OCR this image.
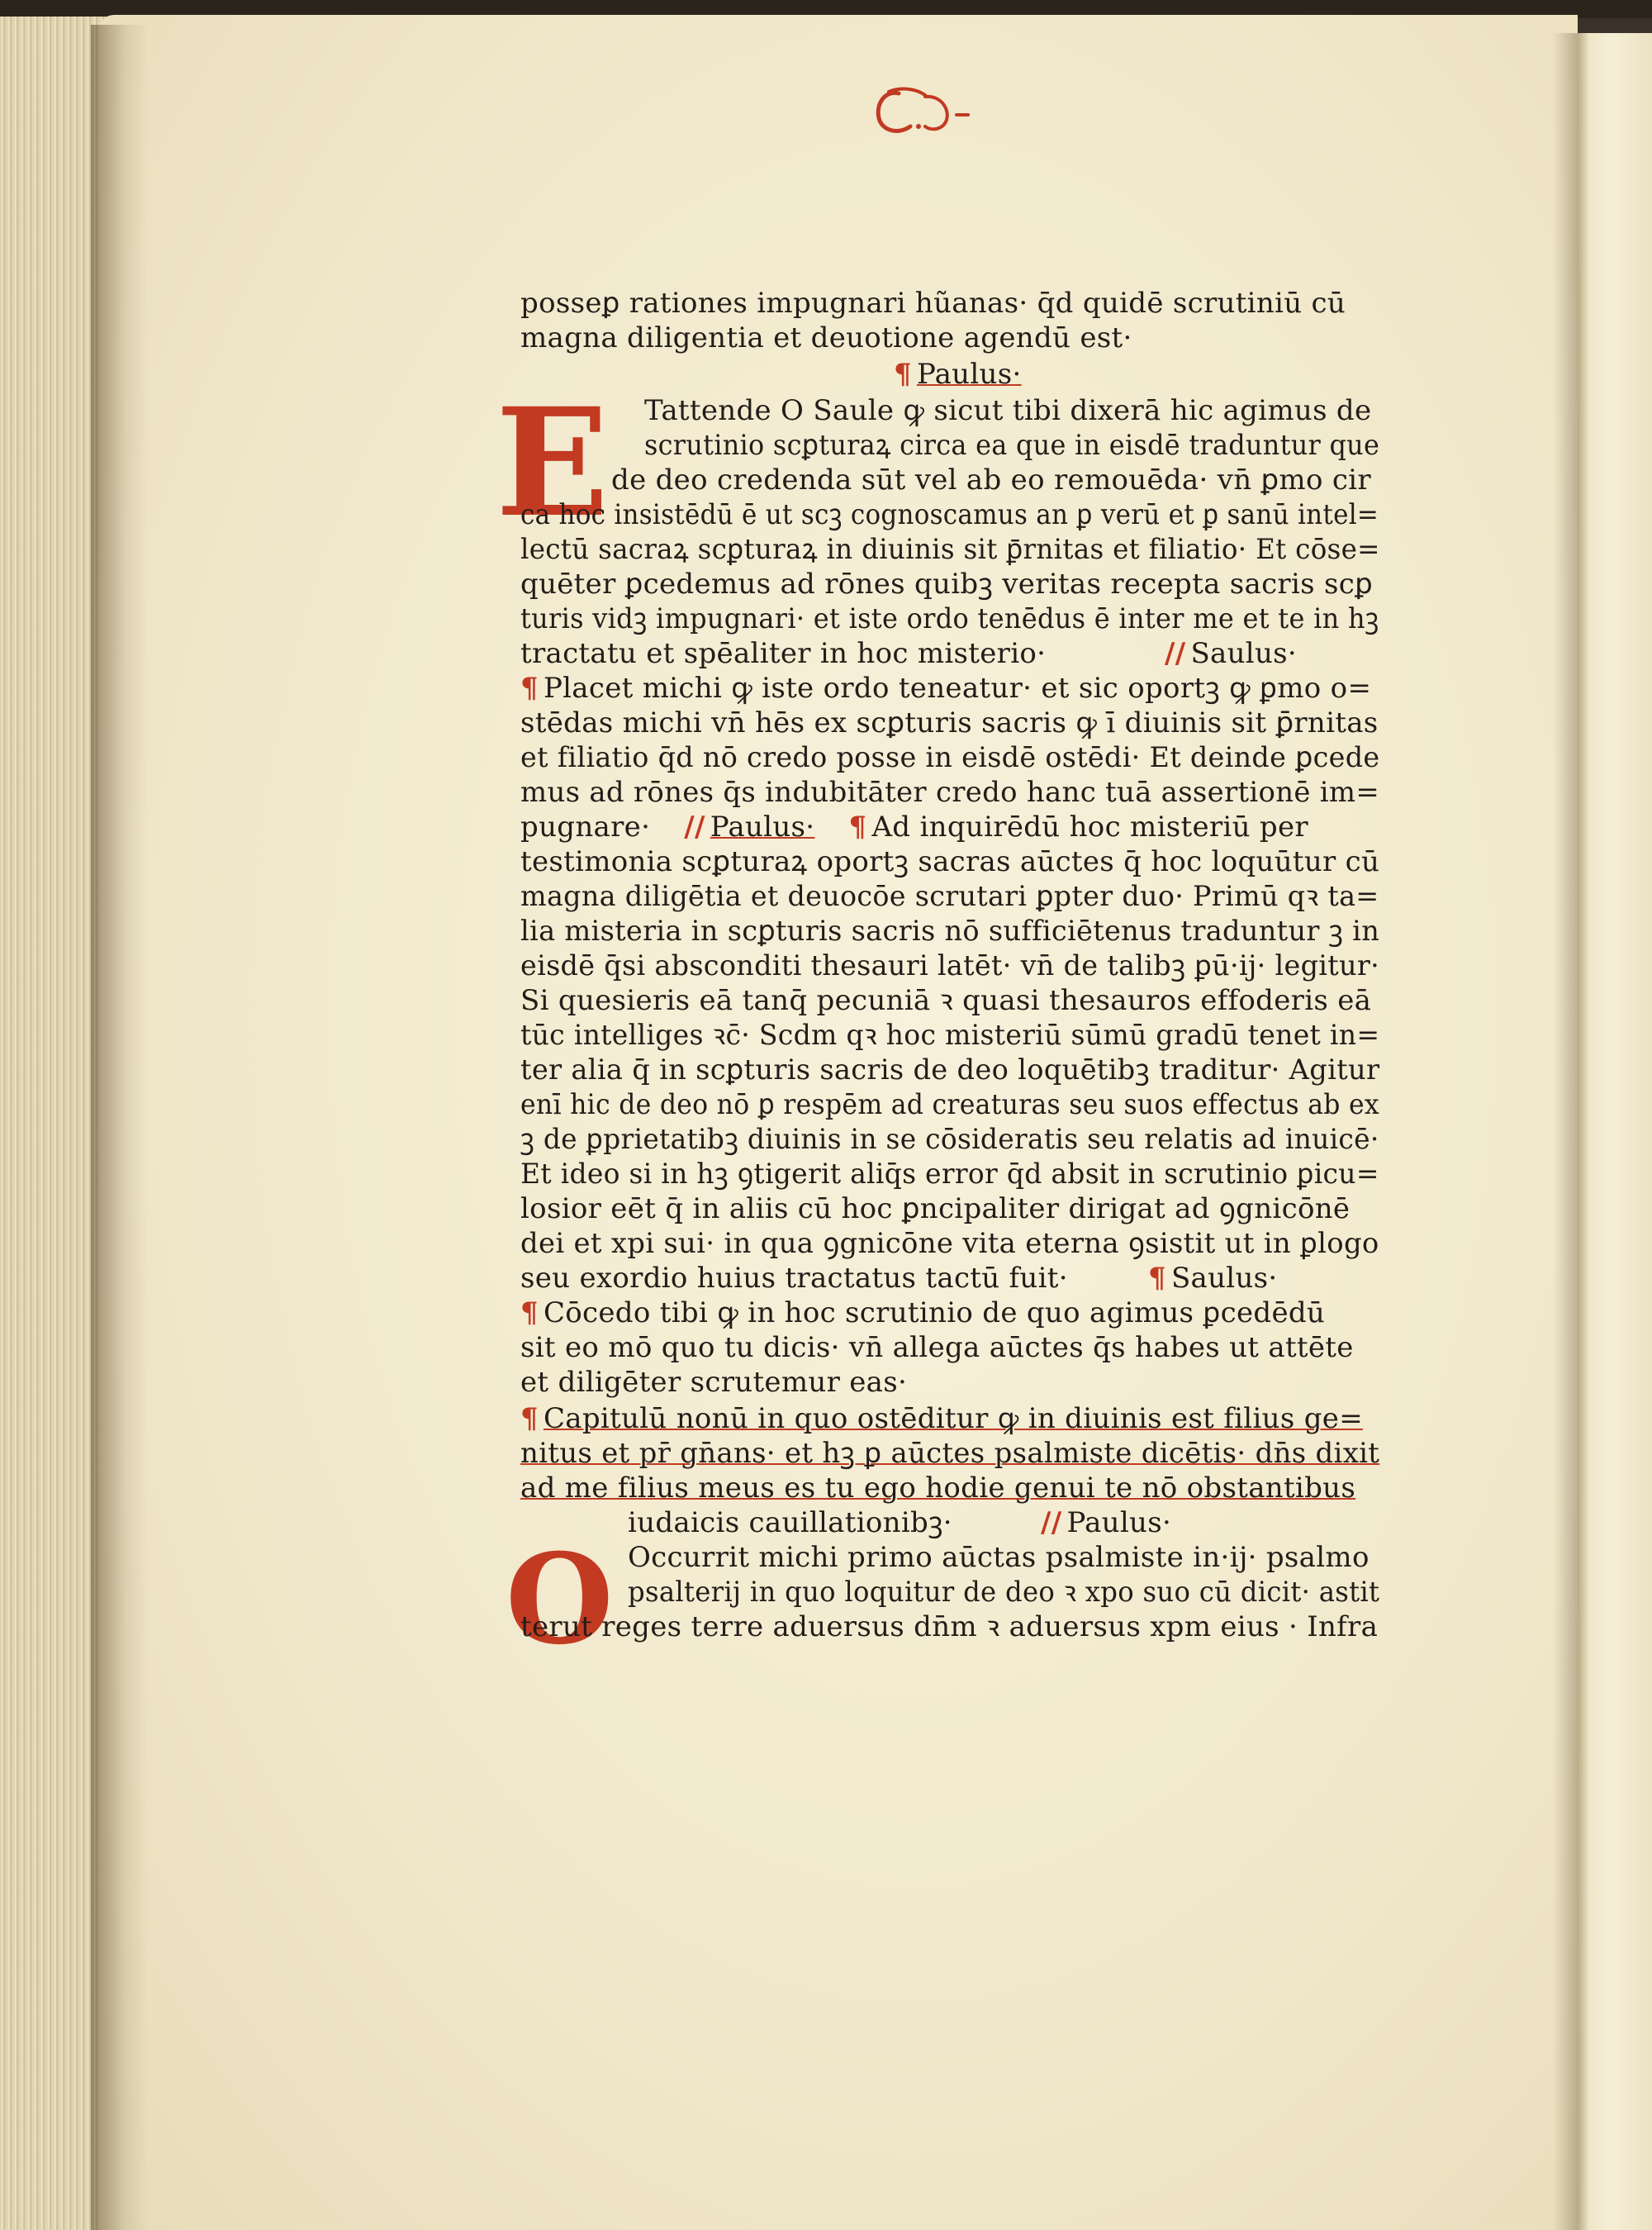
E
O
posseꝑ rationes impugnari hũanas· q̄d quidē scrutiniū cū
magna diligentia et deuotione agendū est·
¶ Paulus·
Tattende O Saule ꝙ sicut tibi dixerā hic agimus de
scrutinio scꝑturaꝝ circa ea que in eisdē traduntur que
de deo credenda sūt vel ab eo remouēda· vn̄ ꝑmo cir
ca hoc insistēdū ē ut scꝫ cognoscamus an ꝑ verū et ꝑ sanū intel=
lectū sacraꝝ scꝑturaꝝ in diuinis sit ꝑ̄rnitas et filiatio· Et cōse=
quēter ꝑcedemus ad rōnes quibꝫ veritas recepta sacris scꝑ
turis vidꝫ impugnari· et iste ordo tenēdus ē inter me et te in hꝫ
tractatu et spēaliter in hoc misterio·	// Saulus·
¶ Placet michi ꝙ iste ordo teneatur· et sic oportꝫ ꝙ ꝑmo o=
stēdas michi vn̄ hēs ex scꝑturis sacris ꝙ ī diuinis sit ꝑ̄rnitas
et filiatio q̄d nō credo posse in eisdē ostēdi· Et deinde ꝑcede
mus ad rōnes q̄s indubitāter credo hanc tuā assertionē im=
pugnare· // Paulus· ¶ Ad inquirēdū hoc misteriū per
testimonia scꝑturaꝝ oportꝫ sacras aūctes q̄ hoc loquūtur cū
magna diligētia et deuocōe scrutari ꝑpter duo· Primū qꝛ ta=
lia misteria in scꝑturis sacris nō sufficiētenus traduntur ꝫ in
eisdē q̄si absconditi thesauri latēt· vn̄ de talibꝫ ꝑū·ij· legitur·
Si quesieris eā tanq̄ pecuniā ꝛ quasi thesauros effoderis eā
tūc intelliges ꝛc̄· Scdm qꝛ hoc misteriū sūmū gradū tenet in=
ter alia q̄ in scꝑturis sacris de deo loquētibꝫ traditur· Agitur
enī hic de deo nō ꝑ respēm ad creaturas seu suos effectus ab ex
ꝫ de ꝑprietatibꝫ diuinis in se cōsideratis seu relatis ad inuicē·
Et ideo si in hꝫ ꝯtigerit aliq̄s error q̄d absit in scrutinio ꝑicu=
losior eēt q̄ in aliis cū hoc ꝑncipaliter dirigat ad ꝯgnicōnē
dei et xpi sui· in qua ꝯgnicōne vita eterna ꝯsistit ut in ꝑlogo
seu exordio huius tractatus tactū fuit·	¶ Saulus·
¶ Cōcedo tibi ꝙ in hoc scrutinio de quo agimus ꝑcedēdū
sit eo mō quo tu dicis· vn̄ allega aūctes q̄s habes ut attēte
et diligēter scrutemur eas·
¶ Capitulū nonū in quo ostēditur ꝙ in diuinis est filius ge=
nitus et pr̄ gn̄ans· et hꝫ ꝑ aūctes psalmiste dicētis· dn̄s dixit
ad me filius meus es tu ego hodie genui te nō obstantibus
iudaicis cauillationibꝫ·	// Paulus·
Occurrit michi primo aūctas psalmiste in·ij· psalmo
psalterij in quo loquitur de deo ꝛ xpo suo cū dicit· astit
terut reges terre aduersus dn̄m ꝛ aduersus xpm eius · Infra
